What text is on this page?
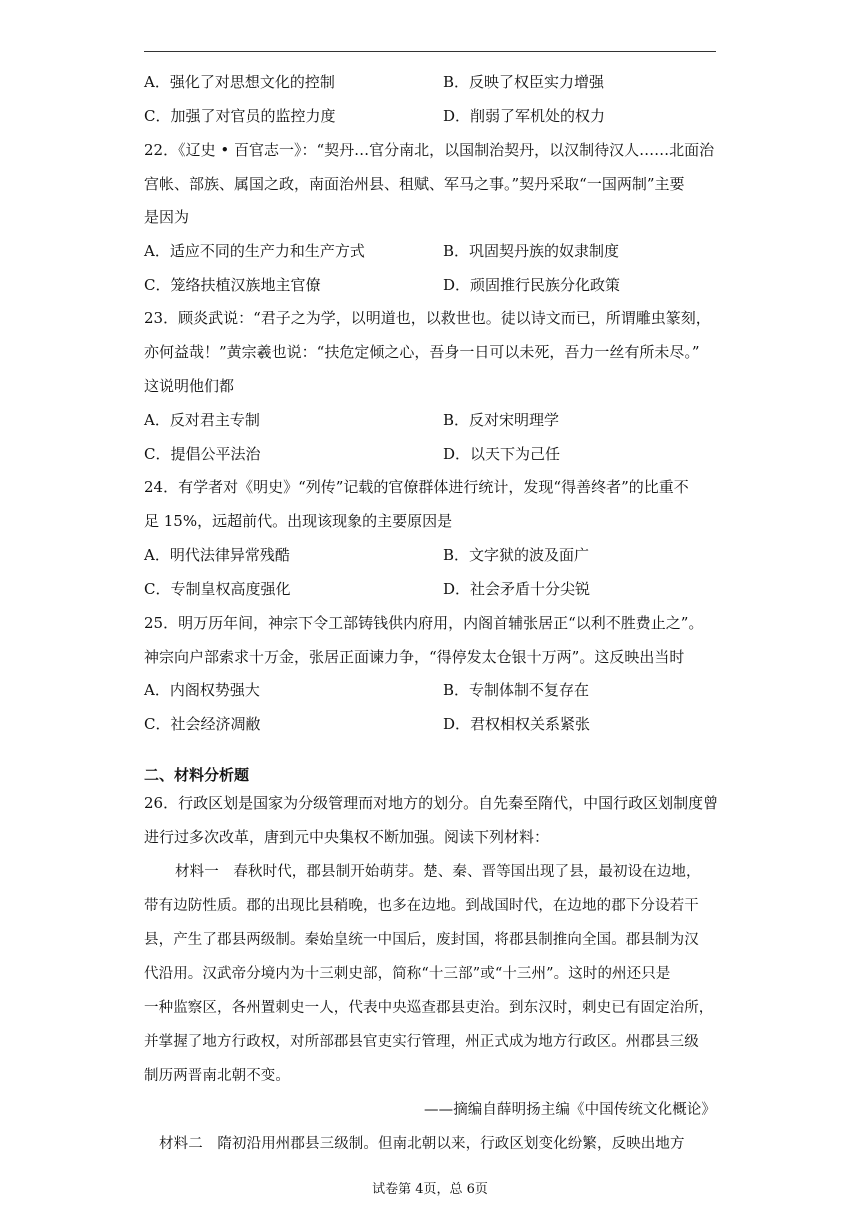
A．强化了对思想文化的控制	B．反映了权臣实力增强
C．加强了对官员的监控力度	D．削弱了军机处的权力
22．《辽史 • 百官志一》：“契丹…官分南北，以国制治契丹，以汉制待汉人……北面治
宫帐、部族、属国之政，南面治州县、租赋、军马之事。”契丹采取“一国两制”主要
是因为
A．适应不同的生产力和生产方式	B．巩固契丹族的奴隶制度
C．笼络扶植汉族地主官僚	D．顽固推行民族分化政策
23．顾炎武说：“君子之为学，以明道也，以救世也。徒以诗文而已，所谓雕虫篆刻，
亦何益哉！”黄宗羲也说：“扶危定倾之心，吾身一日可以未死，吾力一丝有所未尽。”
这说明他们都
A．反对君主专制	B．反对宋明理学
C．提倡公平法治	D．以天下为己任
24．有学者对《明史》“列传”记载的官僚群体进行统计，发现“得善终者”的比重不
足 15%，远超前代。出现该现象的主要原因是
A．明代法律异常残酷	B．文字狱的波及面广
C．专制皇权高度强化	D．社会矛盾十分尖锐
25．明万历年间，神宗下令工部铸钱供内府用，内阁首辅张居正“以利不胜费止之”。
神宗向户部索求十万金，张居正面谏力争，“得停发太仓银十万两”。这反映出当时
A．内阁权势强大	B．专制体制不复存在
C．社会经济凋敝	D．君权相权关系紧张
二、材料分析题
26．行政区划是国家为分级管理而对地方的划分。自先秦至隋代，中国行政区划制度曾
进行过多次改革，唐到元中央集权不断加强。阅读下列材料：
材料一　春秋时代，郡县制开始萌芽。楚、秦、晋等国出现了县，最初设在边地，
带有边防性质。郡的出现比县稍晚，也多在边地。到战国时代，在边地的郡下分设若干
县，产生了郡县两级制。秦始皇统一中国后，废封国，将郡县制推向全国。郡县制为汉
代沿用。汉武帝分境内为十三刺史部，简称“十三部”或“十三州”。这时的州还只是
一种监察区，各州置刺史一人，代表中央巡查郡县吏治。到东汉时，刺史已有固定治所，
并掌握了地方行政权，对所部郡县官吏实行管理，州正式成为地方行政区。州郡县三级
制历两晋南北朝不变。
——摘编自薛明扬主编《中国传统文化概论》
材料二　隋初沿用州郡县三级制。但南北朝以来，行政区划变化纷繁，反映出地方
试卷第 4页，总 6页
